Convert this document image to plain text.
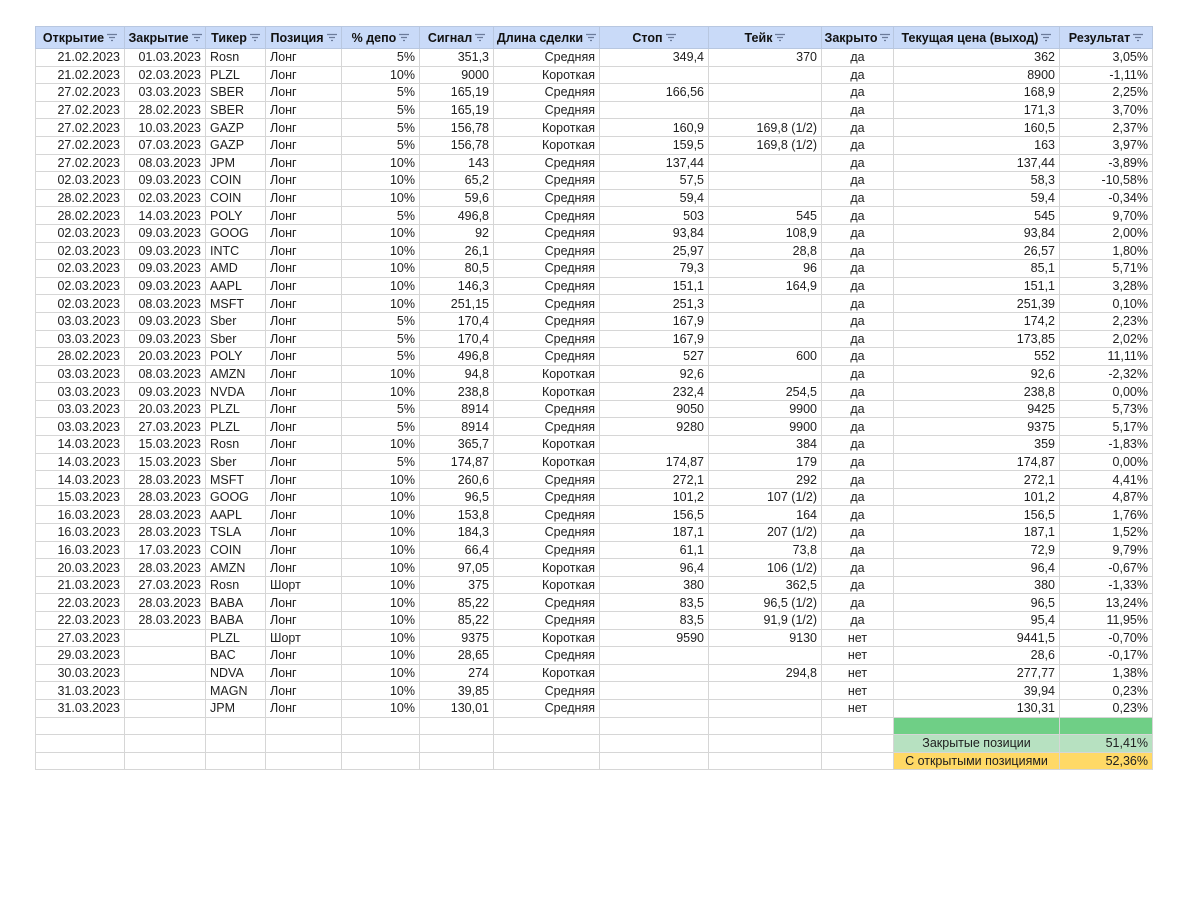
Открытие	Закрытие	Тикер	Позиция	% депо	Сигнал	Длина сделки	Стоп	Тейк	Закрыто	Текущая цена (выход)	Результат

21.02.2023	01.03.2023	Rosn	Лонг	5%	351,3	Средняя	349,4	370	да	362	3,05%
21.02.2023	02.03.2023	PLZL	Лонг	10%	9000	Короткая			да	8900	-1,11%
27.02.2023	03.03.2023	SBER	Лонг	5%	165,19	Средняя	166,56		да	168,9	2,25%
27.02.2023	28.02.2023	SBER	Лонг	5%	165,19	Средняя			да	171,3	3,70%
27.02.2023	10.03.2023	GAZP	Лонг	5%	156,78	Короткая	160,9	169,8 (1/2)	да	160,5	2,37%
27.02.2023	07.03.2023	GAZP	Лонг	5%	156,78	Короткая	159,5	169,8 (1/2)	да	163	3,97%
27.02.2023	08.03.2023	JPM	Лонг	10%	143	Средняя	137,44		да	137,44	-3,89%
02.03.2023	09.03.2023	COIN	Лонг	10%	65,2	Средняя	57,5		да	58,3	-10,58%
28.02.2023	02.03.2023	COIN	Лонг	10%	59,6	Средняя	59,4		да	59,4	-0,34%
28.02.2023	14.03.2023	POLY	Лонг	5%	496,8	Средняя	503	545	да	545	9,70%
02.03.2023	09.03.2023	GOOG	Лонг	10%	92	Средняя	93,84	108,9	да	93,84	2,00%
02.03.2023	09.03.2023	INTC	Лонг	10%	26,1	Средняя	25,97	28,8	да	26,57	1,80%
02.03.2023	09.03.2023	AMD	Лонг	10%	80,5	Средняя	79,3	96	да	85,1	5,71%
02.03.2023	09.03.2023	AAPL	Лонг	10%	146,3	Средняя	151,1	164,9	да	151,1	3,28%
02.03.2023	08.03.2023	MSFT	Лонг	10%	251,15	Средняя	251,3		да	251,39	0,10%
03.03.2023	09.03.2023	Sber	Лонг	5%	170,4	Средняя	167,9		да	174,2	2,23%
03.03.2023	09.03.2023	Sber	Лонг	5%	170,4	Средняя	167,9		да	173,85	2,02%
28.02.2023	20.03.2023	POLY	Лонг	5%	496,8	Средняя	527	600	да	552	11,11%
03.03.2023	08.03.2023	AMZN	Лонг	10%	94,8	Короткая	92,6		да	92,6	-2,32%
03.03.2023	09.03.2023	NVDA	Лонг	10%	238,8	Короткая	232,4	254,5	да	238,8	0,00%
03.03.2023	20.03.2023	PLZL	Лонг	5%	8914	Средняя	9050	9900	да	9425	5,73%
03.03.2023	27.03.2023	PLZL	Лонг	5%	8914	Средняя	9280	9900	да	9375	5,17%
14.03.2023	15.03.2023	Rosn	Лонг	10%	365,7	Короткая		384	да	359	-1,83%
14.03.2023	15.03.2023	Sber	Лонг	5%	174,87	Короткая	174,87	179	да	174,87	0,00%
14.03.2023	28.03.2023	MSFT	Лонг	10%	260,6	Средняя	272,1	292	да	272,1	4,41%
15.03.2023	28.03.2023	GOOG	Лонг	10%	96,5	Средняя	101,2	107 (1/2)	да	101,2	4,87%
16.03.2023	28.03.2023	AAPL	Лонг	10%	153,8	Средняя	156,5	164	да	156,5	1,76%
16.03.2023	28.03.2023	TSLA	Лонг	10%	184,3	Средняя	187,1	207 (1/2)	да	187,1	1,52%
16.03.2023	17.03.2023	COIN	Лонг	10%	66,4	Средняя	61,1	73,8	да	72,9	9,79%
20.03.2023	28.03.2023	AMZN	Лонг	10%	97,05	Короткая	96,4	106 (1/2)	да	96,4	-0,67%
21.03.2023	27.03.2023	Rosn	Шорт	10%	375	Короткая	380	362,5	да	380	-1,33%
22.03.2023	28.03.2023	BABA	Лонг	10%	85,22	Средняя	83,5	96,5 (1/2)	да	96,5	13,24%
22.03.2023	28.03.2023	BABA	Лонг	10%	85,22	Средняя	83,5	91,9 (1/2)	да	95,4	11,95%
27.03.2023		PLZL	Шорт	10%	9375	Короткая	9590	9130	нет	9441,5	-0,70%
29.03.2023		BAC	Лонг	10%	28,65	Средняя			нет	28,6	-0,17%
30.03.2023		NDVA	Лонг	10%	274	Короткая		294,8	нет	277,77	1,38%
31.03.2023		MAGN	Лонг	10%	39,85	Средняя			нет	39,94	0,23%
31.03.2023		JPM	Лонг	10%	130,01	Средняя			нет	130,31	0,23%

										Закрытые позиции	51,41%
										С открытыми позициями	52,36%
